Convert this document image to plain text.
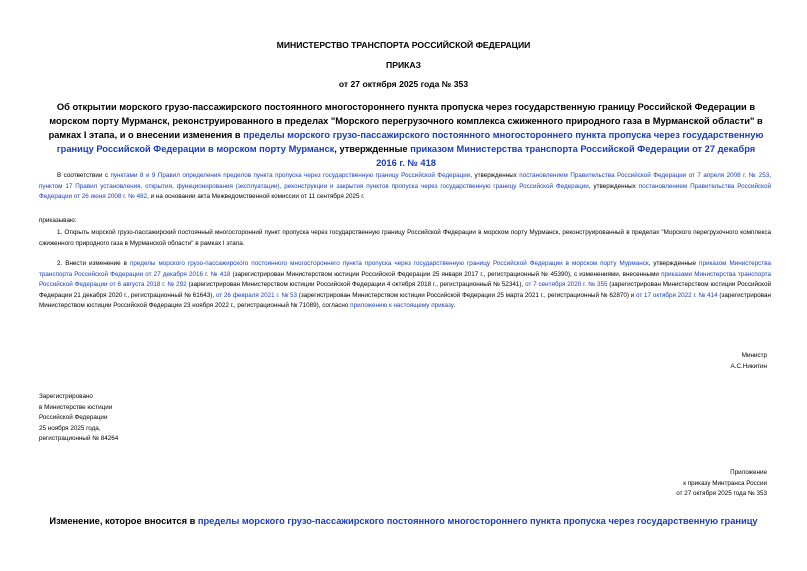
МИНИСТЕРСТВО ТРАНСПОРТА РОССИЙСКОЙ ФЕДЕРАЦИИ
ПРИКАЗ
от 27 октября 2025 года № 353
Об открытии морского грузо-пассажирского постоянного многостороннего пункта пропуска через государственную границу Российской Федерации в морском порту Мурманск, реконструированного в пределах "Морского перегрузочного комплекса сжиженного природного газа в Мурманской области" в рамках I этапа, и о внесении изменения в пределы морского грузо-пассажирского постоянного многостороннего пункта пропуска через государственную границу Российской Федерации в морском порту Мурманск, утвержденные приказом Министерства транспорта Российской Федерации от 27 декабря 2016 г. № 418
В соответствии с пунктами 8 и 9 Правил определения пределов пункта пропуска через государственную границу Российской Федерации, утвержденных постановлением Правительства Российской Федерации от 7 апреля 2008 г. № 253, пунктом 17 Правил установления, открытия, функционирования (эксплуатации), реконструкции и закрытия пунктов пропуска через государственную границу Российской Федерации, утвержденных постановлением Правительства Российской Федерации от 26 июня 2008 г. № 482, и на основании акта Межведомственной комиссии от 11 сентября 2025 г.
приказываю:
1. Открыть морской грузо-пассажирский постоянный многосторонний пункт пропуска через государственную границу Российской Федерации в морском порту Мурманск, реконструированный в пределах "Морского перегрузочного комплекса сжиженного природного газа в Мурманской области" в рамках I этапа.
2. Внести изменение в пределы морского грузо-пассажирского постоянного многостороннего пункта пропуска через государственную границу Российской Федерации в морском порту Мурманск, утвержденные приказом Министерства транспорта Российской Федерации от 27 декабря 2016 г. № 418 (зарегистрирован Министерством юстиции Российской Федерации 25 января 2017 г., регистрационный № 45390), с изменениями, внесенными приказами Министерства транспорта Российской Федерации от 6 августа 2018 г. № 292 (зарегистрирован Министерством юстиции Российской Федерации 4 октября 2018 г., регистрационный № 52341), от 7 сентября 2020 г. № 355 (зарегистрирован Министерством юстиции Российской Федерации 21 декабря 2020 г., регистрационный № 61643), от 26 февраля 2021 г. № 53 (зарегистрирован Министерством юстиции Российской Федерации 25 марта 2021 г., регистрационный № 62870) и от 17 октября 2022 г. № 414 (зарегистрирован Министерством юстиции Российской Федерации 23 ноября 2022 г., регистрационный № 71089), согласно приложению к настоящему приказу.
Министр
А.С.Никитин
Зарегистрировано
в Министерстве юстиции
Российской Федерации
25 ноября 2025 года,
регистрационный № 84264
Приложение
к приказу Минтранса России
от 27 октября 2025 года № 353
Изменение, которое вносится в пределы морского грузо-пассажирского постоянного многостороннего пункта пропуска через государственную границу
